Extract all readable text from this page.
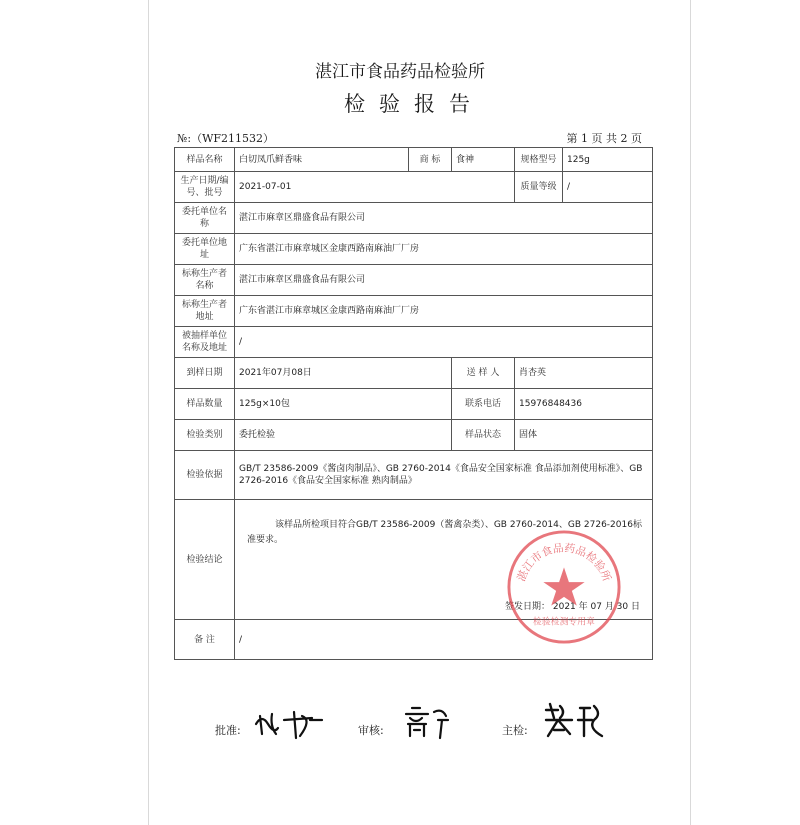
湛江市食品药品检验所
检验报告
№:（WF211532）	第 1 页 共 2 页
样品名称	白切凤爪鲜香味	商 标	食神	规格型号	125g
生产日期/编号、批号	2021-07-01			质量等级	/
委托单位名称	湛江市麻章区鼎盛食品有限公司				
委托单位地址	广东省湛江市麻章城区金康西路南麻油厂厂房				
标称生产者名称	湛江市麻章区鼎盛食品有限公司				
标称生产者地址	广东省湛江市麻章城区金康西路南麻油厂厂房				
被抽样单位名称及地址	/				
到样日期	2021年07月08日		送 样 人	肖杏英	
样品数量	125g×10包		联系电话	15976848436	
检验类别	委托检验		样品状态	固体	
检验依据	GB/T 23586-2009《酱卤肉制品》、GB 2760-2014《食品安全国家标准 食品添加剂使用标准》、GB 2726-2016《食品安全国家标准 熟肉制品》				
检验结论	该样品所检项目符合GB/T 23586-2009（酱禽杂类）、GB 2760-2014、GB 2726-2016标准要求。
签发日期： 2021 年 07 月 30 日				

备 注	/				
湛江市食品药品检验所
检验检测专用章
批准:	审核:	主检:
